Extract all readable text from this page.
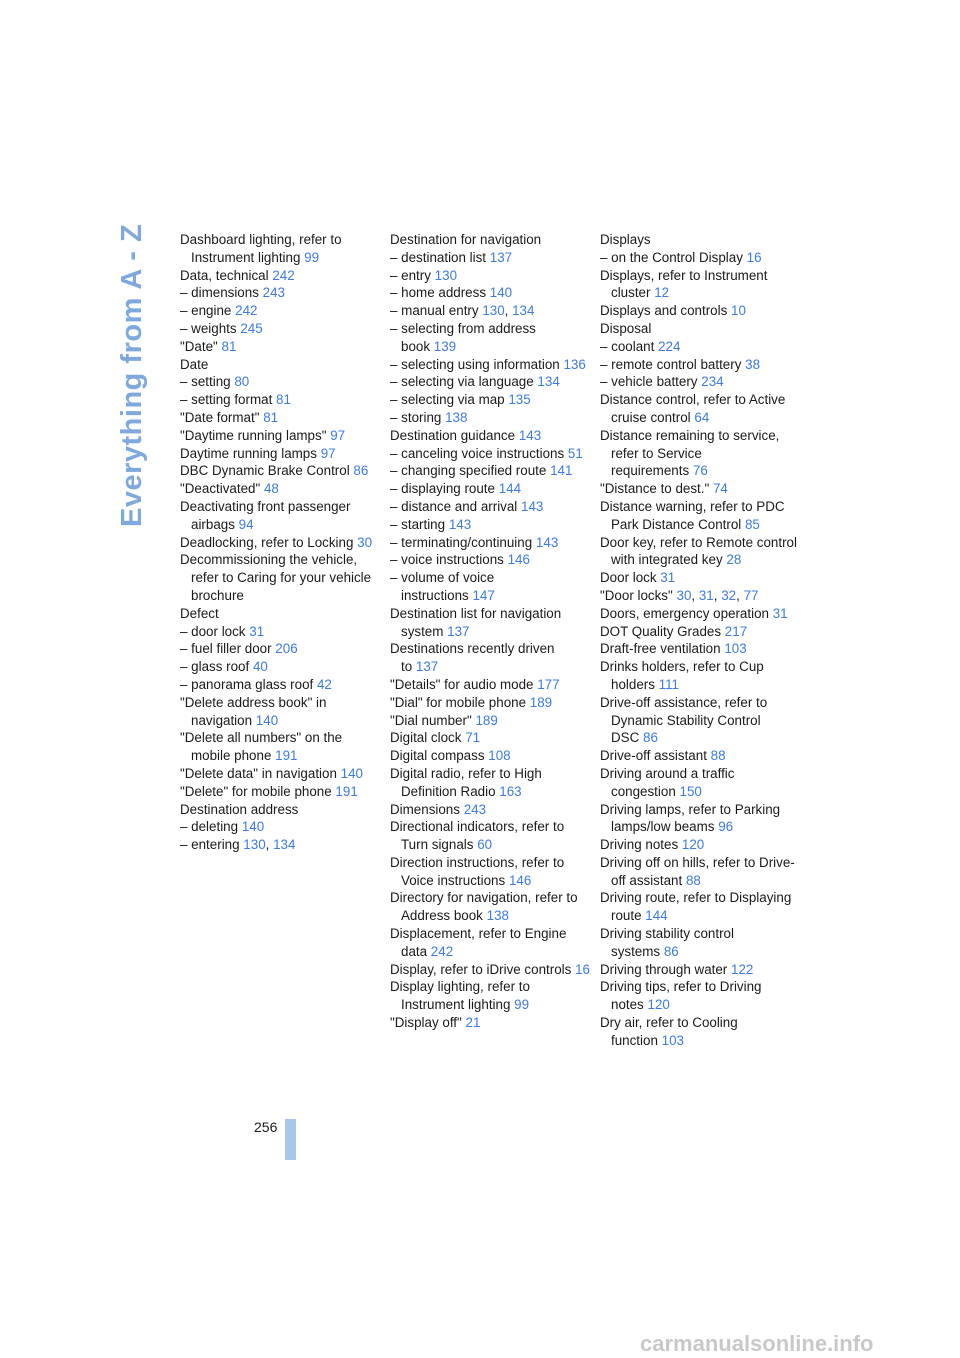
Everything from A - Z Dashboard lighting, refer to Instrument lighting 99

Data, technical 242

– dimensions 243

– engine 242

– weights 245

"Date" 81

Date

– setting 80

– setting format 81

"Date format" 81

"Daytime running lamps" 97

Daytime running lamps 97

DBC Dynamic Brake Control 86

"Deactivated" 48

Deactivating front passenger airbags 94

Deadlocking, refer to Locking 30

Decommissioning the vehicle, refer to Caring for your vehicle brochure

Defect

– door lock 31

– fuel filler door 206

– glass roof 40

– panorama glass roof 42

"Delete address book" in navigation 140

"Delete all numbers" on the mobile phone 191

"Delete data" in navigation 140

"Delete" for mobile phone 191

Destination address

– deleting 140

– entering 130, 134

Destination for navigation

– destination list 137

– entry 130

– home address 140

– manual entry 130, 134

– selecting from address book 139

– selecting using information 136

– selecting via language 134

– selecting via map 135

– storing 138

Destination guidance 143

– canceling voice instructions 51

– changing specified route 141

– displaying route 144

– distance and arrival 143

– starting 143

– terminating/continuing 143

– voice instructions 146

– volume of voice instructions 147

Destination list for navigation system 137

Destinations recently driven to 137

"Details" for audio mode 177

"Dial" for mobile phone 189

"Dial number" 189

Digital clock 71

Digital compass 108

Digital radio, refer to High Definition Radio 163

Dimensions 243

Directional indicators, refer to Turn signals 60

Direction instructions, refer to Voice instructions 146

Directory for navigation, refer to Address book 138

Displacement, refer to Engine data 242

Display, refer to iDrive controls 16

Display lighting, refer to Instrument lighting 99

"Display off" 21

Displays

– on the Control Display 16

Displays, refer to Instrument cluster 12

Displays and controls 10

Disposal

– coolant 224

– remote control battery 38

– vehicle battery 234

Distance control, refer to Active cruise control 64

Distance remaining to service, refer to Service requirements 76

"Distance to dest." 74

Distance warning, refer to PDC Park Distance Control 85

Door key, refer to Remote control with integrated key 28

Door lock 31

"Door locks" 30, 31, 32, 77

Doors, emergency operation 31

DOT Quality Grades 217

Draft-free ventilation 103

Drinks holders, refer to Cup holders 111

Drive-off assistance, refer to Dynamic Stability Control DSC 86

Drive-off assistant 88

Driving around a traffic congestion 150

Driving lamps, refer to Parking lamps/low beams 96

Driving notes 120

Driving off on hills, refer to Drive-off assistant 88

Driving route, refer to Displaying route 144

Driving stability control systems 86

Driving through water 122

Driving tips, refer to Driving notes 120

Dry air, refer to Cooling function 103

256
carmanualsonline.info
